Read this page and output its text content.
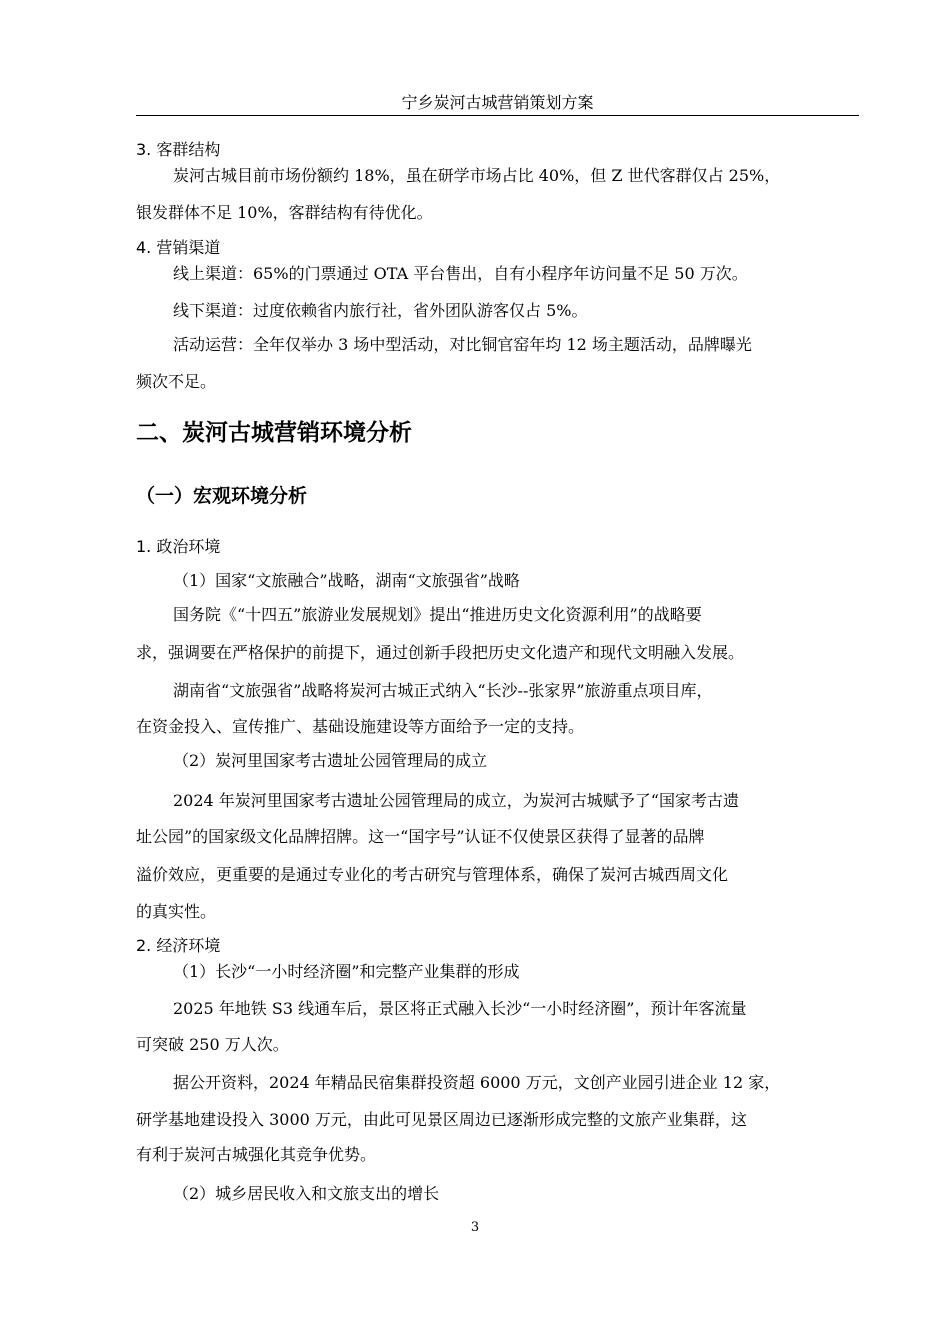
宁乡炭河古城营销策划方案
3. 客群结构
炭河古城目前市场份额约 18%，虽在研学市场占比 40%，但 Z 世代客群仅占 25%，
银发群体不足 10%，客群结构有待优化。
4. 营销渠道
线上渠道：65%的门票通过 OTA 平台售出，自有小程序年访问量不足 50 万次。
线下渠道：过度依赖省内旅行社，省外团队游客仅占 5%。
活动运营：全年仅举办 3 场中型活动，对比铜官窑年均 12 场主题活动，品牌曝光
频次不足。
二、炭河古城营销环境分析
（一）宏观环境分析
1. 政治环境
（1）国家“文旅融合”战略，湖南“文旅强省”战略
国务院《“十四五”旅游业发展规划》提出“推进历史文化资源利用”的战略要
求，强调要在严格保护的前提下，通过创新手段把历史文化遗产和现代文明融入发展。
湖南省“文旅强省”战略将炭河古城正式纳入“长沙--张家界”旅游重点项目库，
在资金投入、宣传推广、基础设施建设等方面给予一定的支持。
（2）炭河里国家考古遗址公园管理局的成立
2024 年炭河里国家考古遗址公园管理局的成立，为炭河古城赋予了“国家考古遗
址公园”的国家级文化品牌招牌。这一“国字号”认证不仅使景区获得了显著的品牌
溢价效应，更重要的是通过专业化的考古研究与管理体系，确保了炭河古城西周文化
的真实性。
2. 经济环境
（1）长沙“一小时经济圈”和完整产业集群的形成
2025 年地铁 S3 线通车后，景区将正式融入长沙“一小时经济圈”，预计年客流量
可突破 250 万人次。
据公开资料，2024 年精品民宿集群投资超 6000 万元，文创产业园引进企业 12 家，
研学基地建设投入 3000 万元，由此可见景区周边已逐渐形成完整的文旅产业集群，这
有利于炭河古城强化其竞争优势。
（2）城乡居民收入和文旅支出的增长
3
